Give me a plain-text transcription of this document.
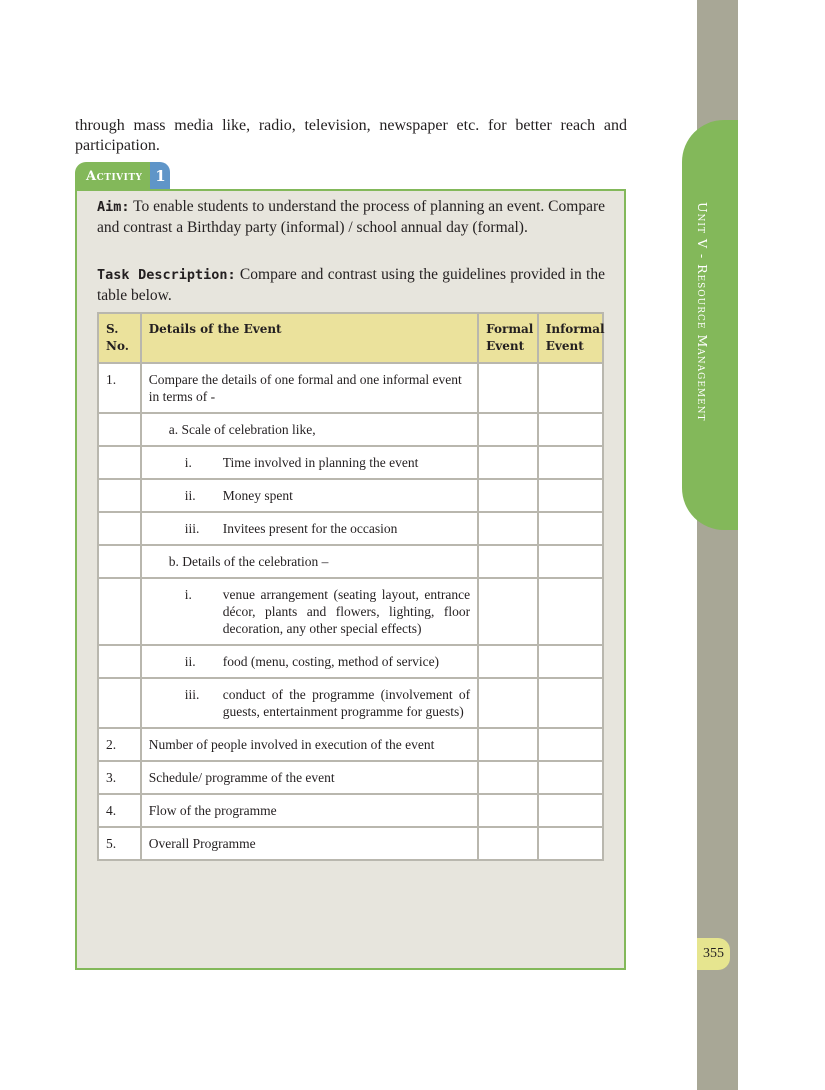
Unit V - Resource Management
355

through mass media like, radio, television, newspaper etc. for better reach and participation.

Activity 1

Aim: To enable students to understand the process of planning an event. Compare and contrast a Birthday party (informal) / school annual day (formal).

Task Description: Compare and contrast using the guidelines provided in the table below.

S. No.	Details of the Event	Formal Event	Informal Event
1.	Compare the details of one formal and one informal event in terms of -		
	a. Scale of celebration like,		

	i. Time involved in planning the event		

	ii. Money spent		

	iii. Invitees present for the occasion		

	b. Details of the celebration –		

	i. venue arrangement (seating layout, entrance décor, plants and flowers, lighting, floor decoration, any other special effects)		

	ii. food (menu, costing, method of service)		

	iii. conduct of the programme (involvement of guests, entertainment programme for guests)		

2.	Number of people involved in execution of the event		
3.	Schedule/ programme of the event		
4.	Flow of the programme		
5.	Overall Programme		
